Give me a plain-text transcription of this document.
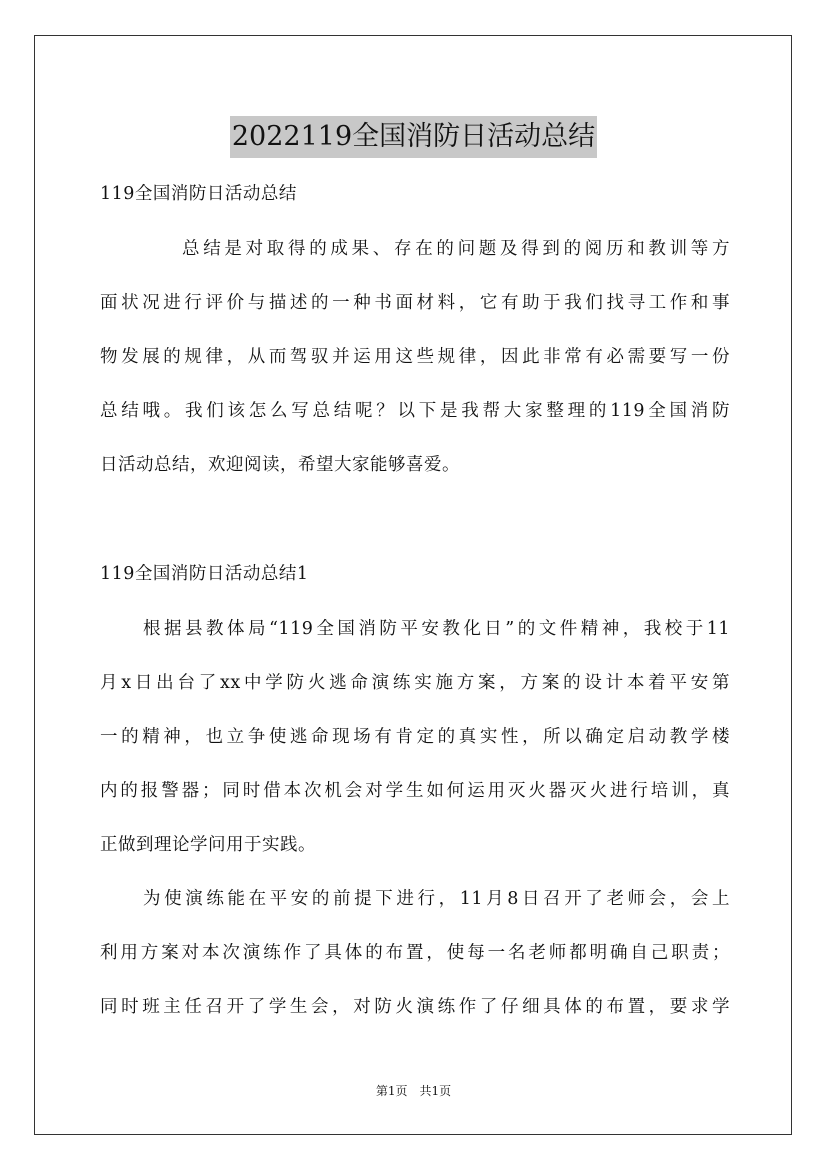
2022119全国消防日活动总结
119全国消防日活动总结
总结是对取得的成果、存在的问题及得到的阅历和教训等方
面状况进行评价与描述的一种书面材料，它有助于我们找寻工作和事
物发展的规律，从而驾驭并运用这些规律，因此非常有必需要写一份
总结哦。我们该怎么写总结呢？以下是我帮大家整理的119全国消防
日活动总结，欢迎阅读，希望大家能够喜爱。
119全国消防日活动总结1
根据县教体局“119全国消防平安教化日”的文件精神，我校于11
月x日出台了xx中学防火逃命演练实施方案，方案的设计本着平安第
一的精神，也立争使逃命现场有肯定的真实性，所以确定启动教学楼
内的报警器；同时借本次机会对学生如何运用灭火器灭火进行培训，真
正做到理论学问用于实践。
为使演练能在平安的前提下进行，11月8日召开了老师会，会上
利用方案对本次演练作了具体的布置，使每一名老师都明确自己职责；
同时班主任召开了学生会，对防火演练作了仔细具体的布置，要求学
第1页　共1页
